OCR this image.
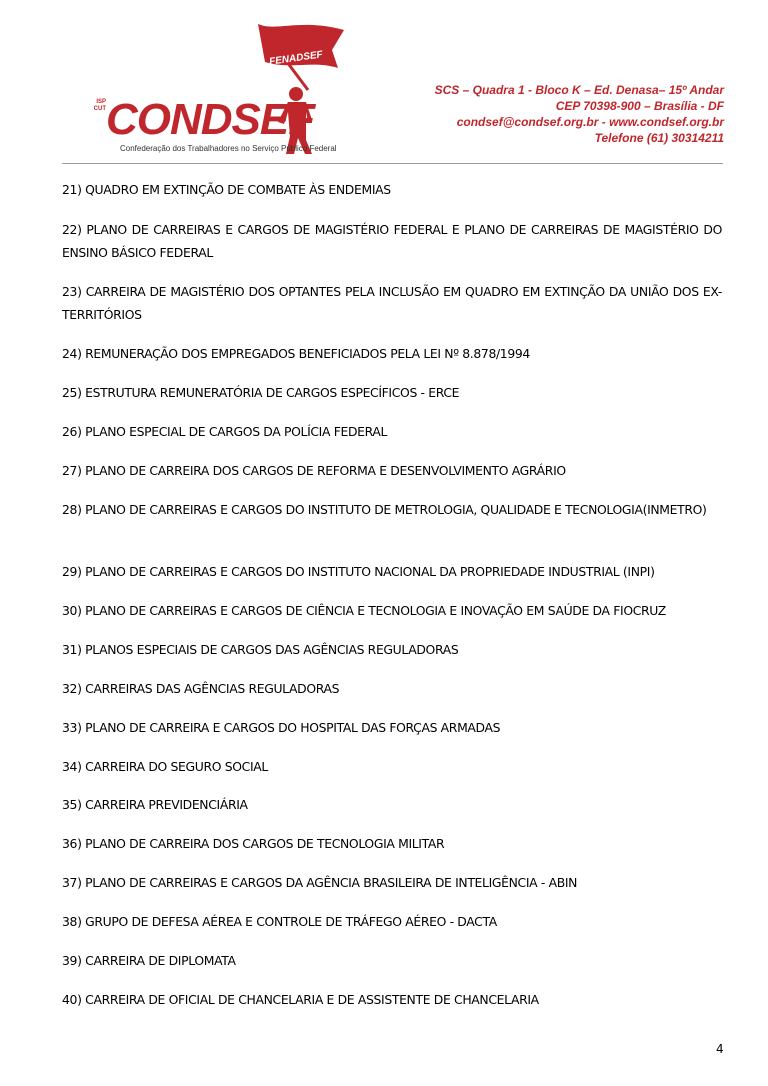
FENADSEF
ISP
CUT CONDSEF
Confederação dos Trabalhadores no Serviço Público Federal
SCS – Quadra 1 - Bloco K – Ed. Denasa– 15º Andar
CEP 70398-900 – Brasília - DF
condsef@condsef.org.br - www.condsef.org.br
Telefone (61) 30314211
21) QUADRO EM EXTINÇÃO DE COMBATE ÀS ENDEMIAS
22) PLANO DE CARREIRAS E CARGOS DE MAGISTÉRIO FEDERAL E PLANO DE CARREIRAS DE MAGISTÉRIO DO ENSINO BÁSICO FEDERAL
23) CARREIRA DE MAGISTÉRIO DOS OPTANTES PELA INCLUSÃO EM QUADRO EM EXTINÇÃO DA UNIÃO DOS EX-TERRITÓRIOS
24) REMUNERAÇÃO DOS EMPREGADOS BENEFICIADOS PELA LEI Nº 8.878/1994
25) ESTRUTURA REMUNERATÓRIA DE CARGOS ESPECÍFICOS - ERCE
26) PLANO ESPECIAL DE CARGOS DA POLÍCIA FEDERAL
27) PLANO DE CARREIRA DOS CARGOS DE REFORMA E DESENVOLVIMENTO AGRÁRIO
28) PLANO DE CARREIRAS E CARGOS DO INSTITUTO DE METROLOGIA, QUALIDADE E TECNOLOGIA(INMETRO)
29) PLANO DE CARREIRAS E CARGOS DO INSTITUTO NACIONAL DA PROPRIEDADE INDUSTRIAL (INPI)
30) PLANO DE CARREIRAS E CARGOS DE CIÊNCIA E TECNOLOGIA E INOVAÇÃO EM SAÚDE DA FIOCRUZ
31) PLANOS ESPECIAIS DE CARGOS DAS AGÊNCIAS REGULADORAS
32) CARREIRAS DAS AGÊNCIAS REGULADORAS
33) PLANO DE CARREIRA E CARGOS DO HOSPITAL DAS FORÇAS ARMADAS
34) CARREIRA DO SEGURO SOCIAL
35) CARREIRA PREVIDENCIÁRIA
36) PLANO DE CARREIRA DOS CARGOS DE TECNOLOGIA MILITAR
37) PLANO DE CARREIRAS E CARGOS DA AGÊNCIA BRASILEIRA DE INTELIGÊNCIA - ABIN
38) GRUPO DE DEFESA AÉREA E CONTROLE DE TRÁFEGO AÉREO - DACTA
39) CARREIRA DE DIPLOMATA
40) CARREIRA DE OFICIAL DE CHANCELARIA E DE ASSISTENTE DE CHANCELARIA
4
